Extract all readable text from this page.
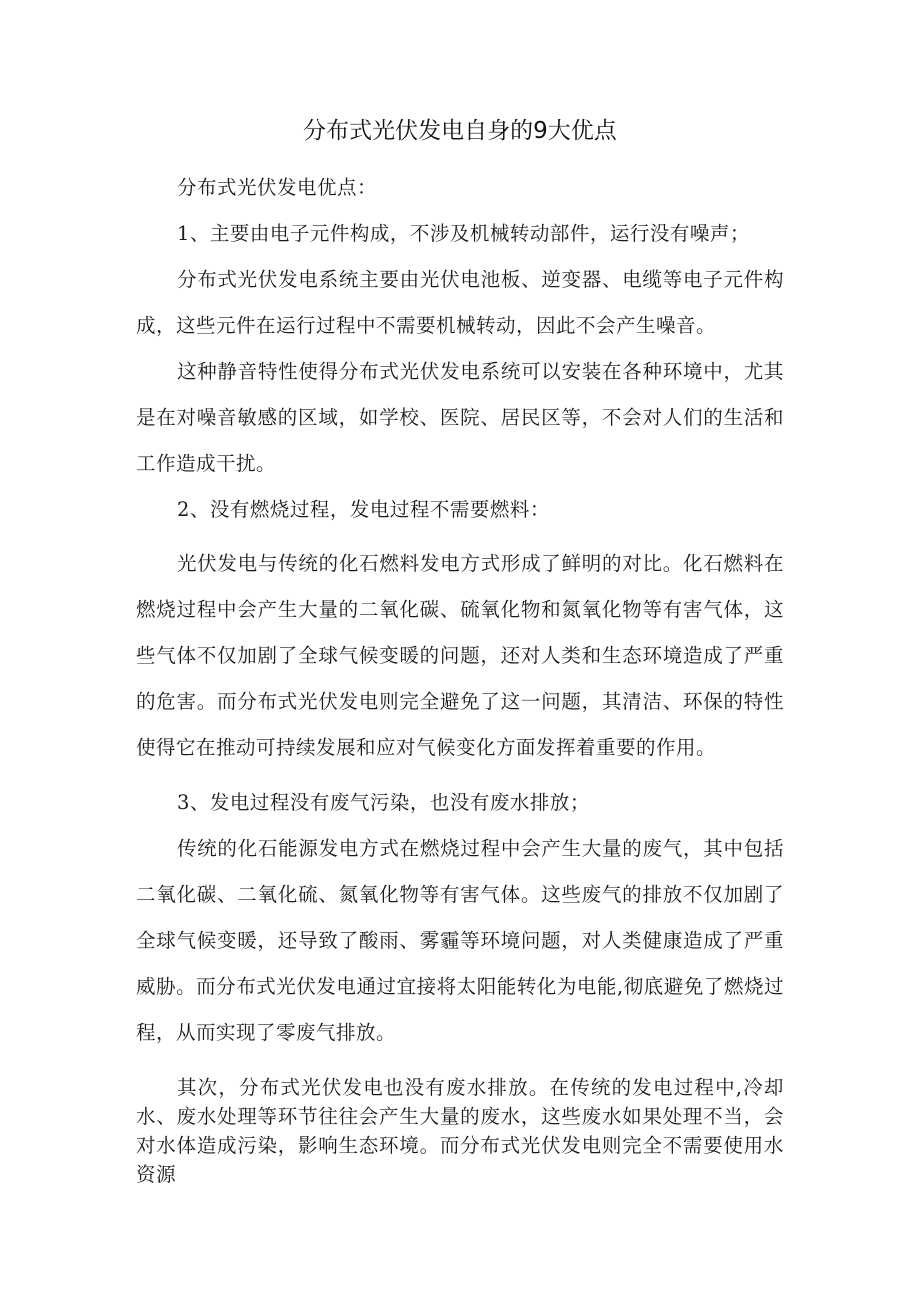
分布式光伏发电自身的9大优点

分布式光伏发电优点：

1、主要由电子元件构成，不涉及机械转动部件，运行没有噪声；

分布式光伏发电系统主要由光伏电池板、逆变器、电缆等电子元件构成，这些元件在运行过程中不需要机械转动，因此不会产生噪音。

这种静音特性使得分布式光伏发电系统可以安装在各种环境中，尤其是在对噪音敏感的区域，如学校、医院、居民区等，不会对人们的生活和工作造成干扰。

2、没有燃烧过程，发电过程不需要燃料：

光伏发电与传统的化石燃料发电方式形成了鲜明的对比。化石燃料在燃烧过程中会产生大量的二氧化碳、硫氧化物和氮氧化物等有害气体，这些气体不仅加剧了全球气候变暖的问题，还对人类和生态环境造成了严重的危害。而分布式光伏发电则完全避免了这一问题，其清洁、环保的特性使得它在推动可持续发展和应对气候变化方面发挥着重要的作用。

3、发电过程没有废气污染，也没有废水排放；

传统的化石能源发电方式在燃烧过程中会产生大量的废气，其中包括二氧化碳、二氧化硫、氮氧化物等有害气体。这些废气的排放不仅加剧了全球气候变暖，还导致了酸雨、雾霾等环境问题，对人类健康造成了严重威胁。而分布式光伏发电通过宜接将太阳能转化为电能,彻底避免了燃烧过程，从而实现了零废气排放。

其次，分布式光伏发电也没有废水排放。在传统的发电过程中,冷却水、废水处理等环节往往会产生大量的废水，这些废水如果处理不当，会对水体造成污染，影响生态环境。而分布式光伏发电则完全不需要使用水资源
